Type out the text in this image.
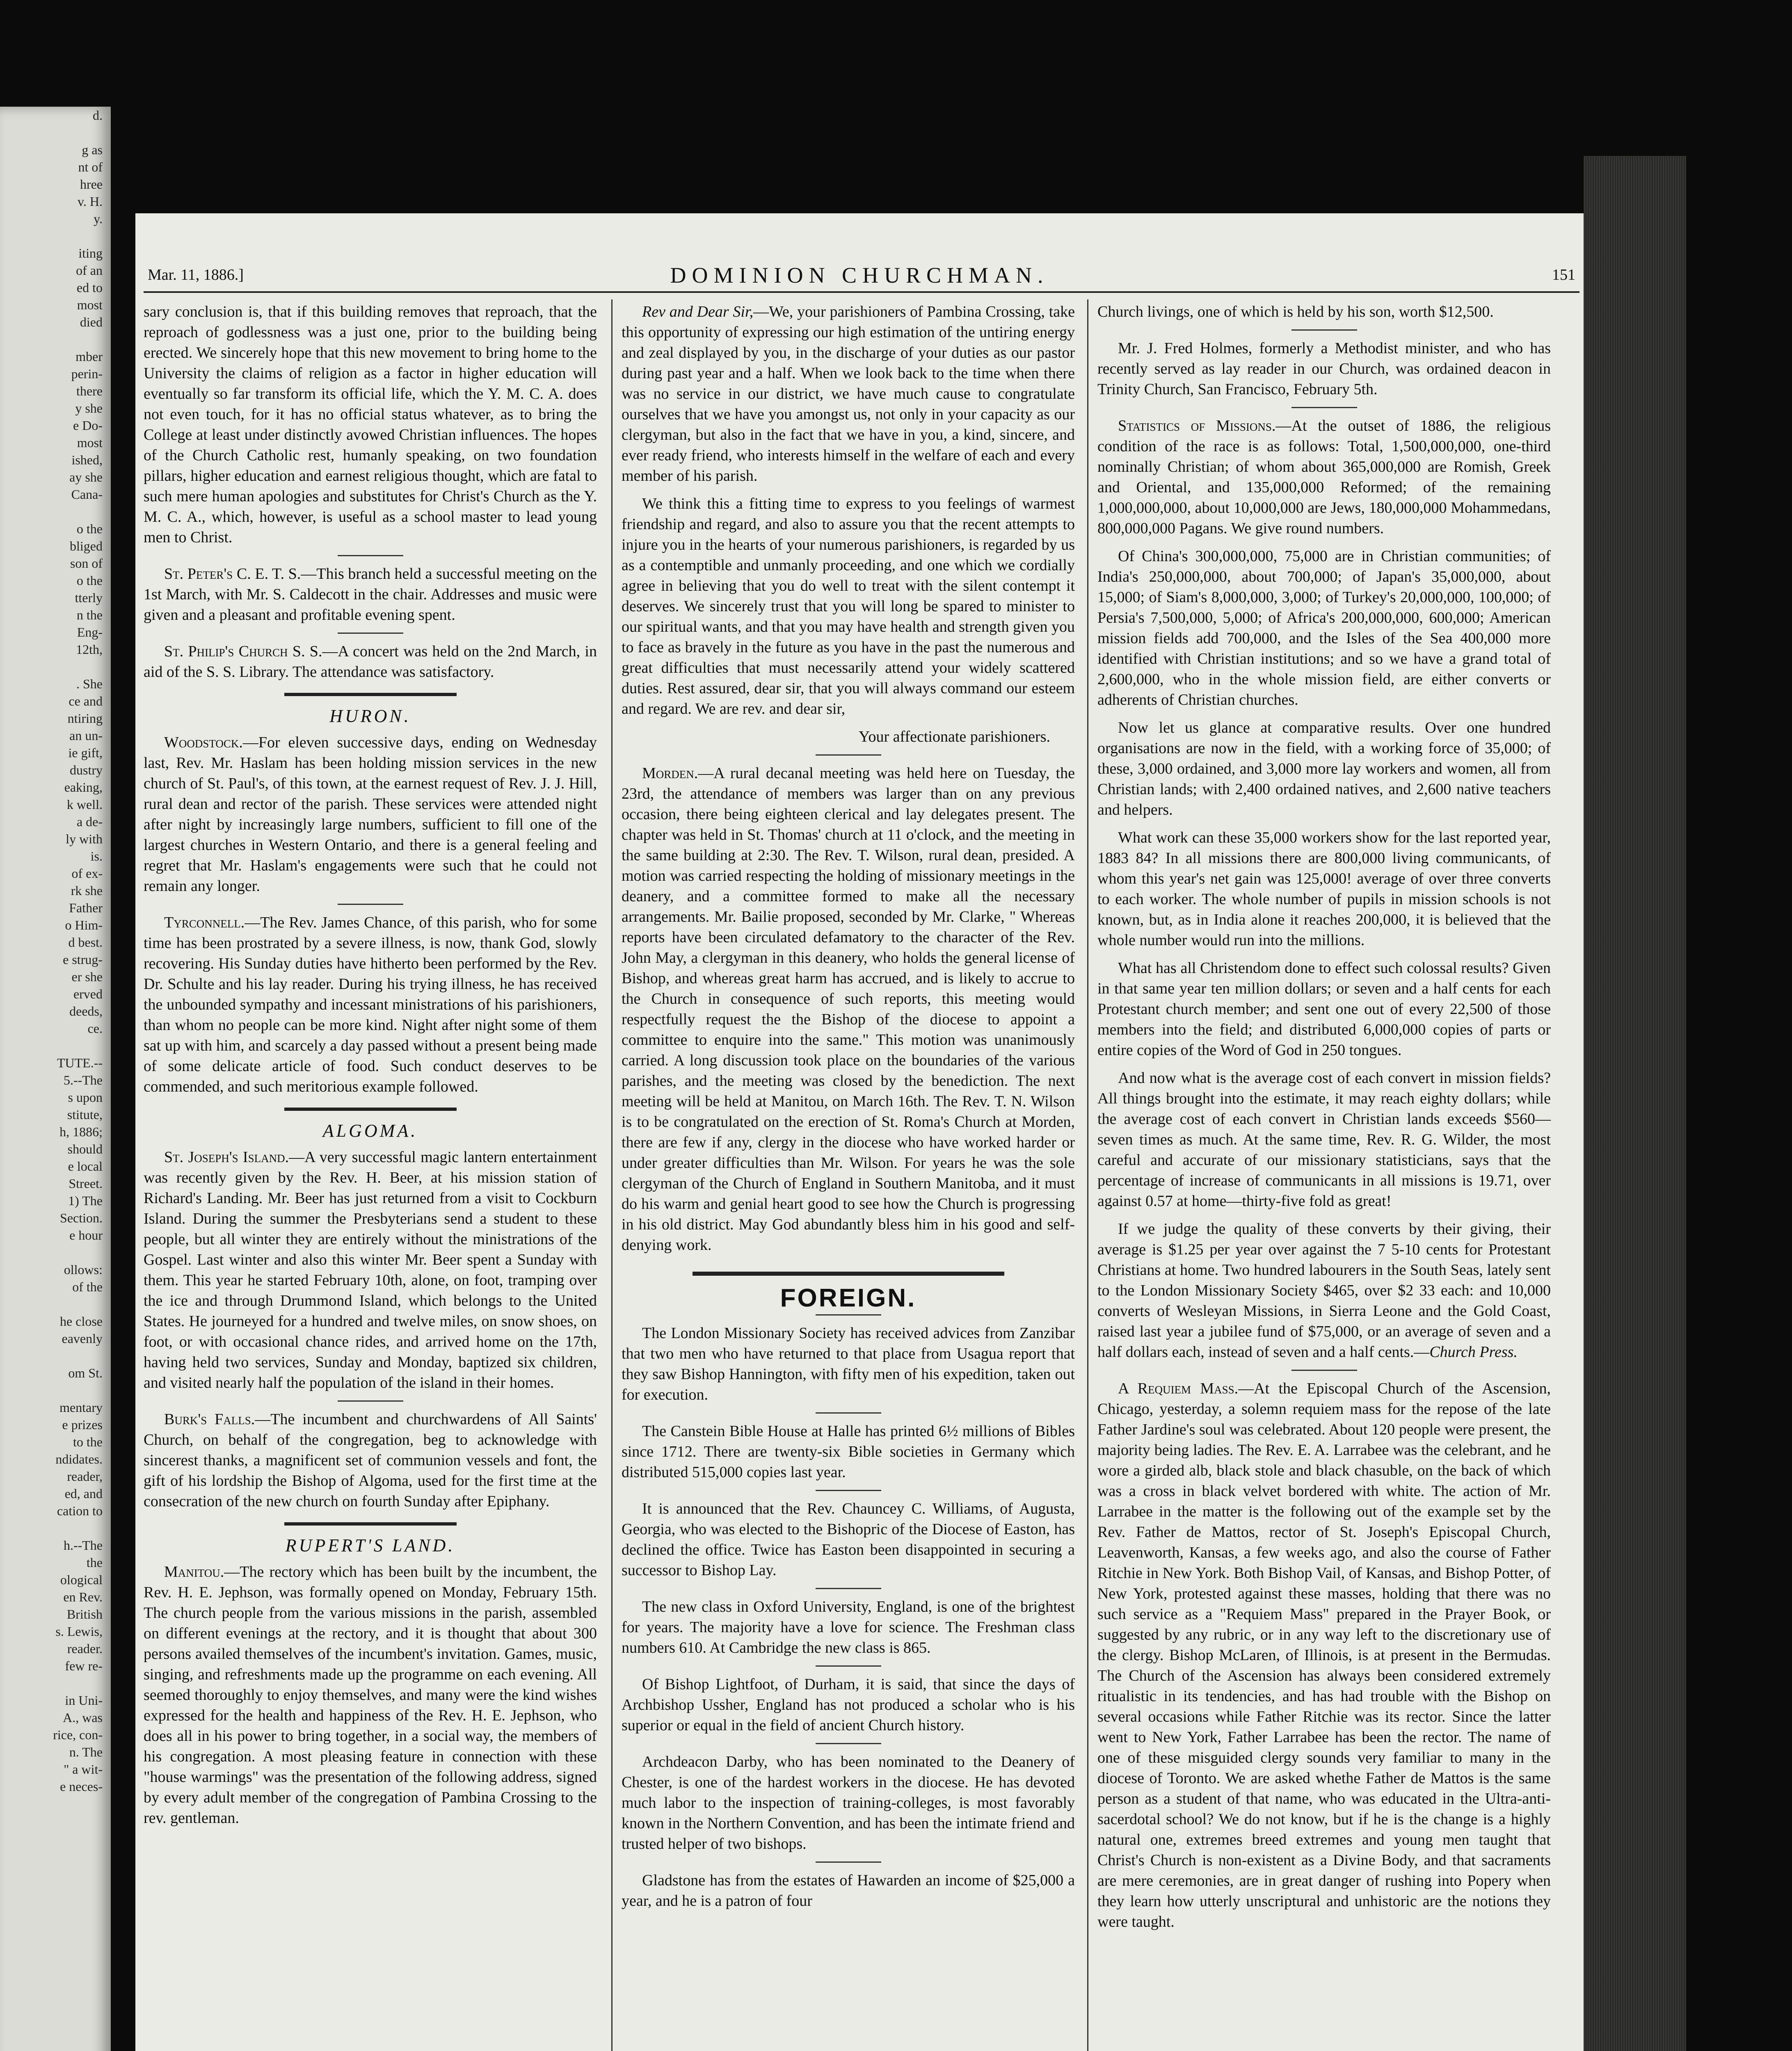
d.

g as
nt of
hree
v. H.
y.

iting
of an
ed to
most
died

mber
perin-
there
y she
e Do-
most
ished,
ay she
Cana-

o the
bliged
son of
o the
tterly
n the
Eng-
12th,

. She
ce and
ntiring
an un-
ie gift,
dustry
eaking,
k well.
a de-
ly with
is.
of ex-
rk she
Father
o Him-
d best.
e strug-
er she
erved
deeds,
ce.

TUTE.--
5.--The
s upon
stitute,
h, 1886;
should
e local
Street.
1) The
Section.
e hour

ollows:
of the

he close
eavenly

om St.

mentary
e prizes
to the
ndidates.
reader,
ed, and
cation to

h.--The
the
ological
en Rev.
British
s. Lewis,
reader.
few re-

in Uni-
A., was
rice, con-
n. The
" a wit-
e neces-
DOMINION CHURCHMAN.
Mar. 11, 1886.]	151

sary conclusion is, that if this building removes that reproach, that the reproach of godlessness was a just one, prior to the building being erected. We sincerely hope that this new movement to bring home to the University the claims of religion as a factor in higher education will eventually so far transform its official life, which the Y. M. C. A. does not even touch, for it has no official status whatever, as to bring the College at least under distinctly avowed Christian influences. The hopes of the Church Catholic rest, humanly speaking, on two foundation pillars, higher education and earnest religious thought, which are fatal to such mere human apologies and substitutes for Christ's Church as the Y. M. C. A., which, however, is useful as a school master to lead young men to Christ.

St. Peter's C. E. T. S.—This branch held a successful meeting on the 1st March, with Mr. S. Caldecott in the chair. Addresses and music were given and a pleasant and profitable evening spent.

St. Philip's Church S. S.—A concert was held on the 2nd March, in aid of the S. S. Library. The attendance was satisfactory.

HURON.

Woodstock.—For eleven successive days, ending on Wednesday last, Rev. Mr. Haslam has been holding mission services in the new church of St. Paul's, of this town, at the earnest request of Rev. J. J. Hill, rural dean and rector of the parish. These services were attended night after night by increasingly large numbers, sufficient to fill one of the largest churches in Western Ontario, and there is a general feeling and regret that Mr. Haslam's engagements were such that he could not remain any longer.

Tyrconnell.—The Rev. James Chance, of this parish, who for some time has been prostrated by a severe illness, is now, thank God, slowly recovering. His Sunday duties have hitherto been performed by the Rev. Dr. Schulte and his lay reader. During his trying illness, he has received the unbounded sympathy and incessant ministrations of his parishioners, than whom no people can be more kind. Night after night some of them sat up with him, and scarcely a day passed without a present being made of some delicate article of food. Such conduct deserves to be commended, and such meritorious example followed.

ALGOMA.

St. Joseph's Island.—A very successful magic lantern entertainment was recently given by the Rev. H. Beer, at his mission station of Richard's Landing. Mr. Beer has just returned from a visit to Cockburn Island. During the summer the Presbyterians send a student to these people, but all winter they are entirely without the ministrations of the Gospel. Last winter and also this winter Mr. Beer spent a Sunday with them. This year he started February 10th, alone, on foot, tramping over the ice and through Drummond Island, which belongs to the United States. He journeyed for a hundred and twelve miles, on snow shoes, on foot, or with occasional chance rides, and arrived home on the 17th, having held two services, Sunday and Monday, baptized six children, and visited nearly half the population of the island in their homes.

Burk's Falls.—The incumbent and churchwardens of All Saints' Church, on behalf of the congregation, beg to acknowledge with sincerest thanks, a magnificent set of communion vessels and font, the gift of his lordship the Bishop of Algoma, used for the first time at the consecration of the new church on fourth Sunday after Epiphany.

RUPERT'S LAND.

Manitou.—The rectory which has been built by the incumbent, the Rev. H. E. Jephson, was formally opened on Monday, February 15th. The church people from the various missions in the parish, assembled on different evenings at the rectory, and it is thought that about 300 persons availed themselves of the incumbent's invitation. Games, music, singing, and refreshments made up the programme on each evening. All seemed thoroughly to enjoy themselves, and many were the kind wishes expressed for the health and happiness of the Rev. H. E. Jephson, who does all in his power to bring together, in a social way, the members of his congregation. A most pleasing feature in connection with these "house warmings" was the presentation of the following address, signed by every adult member of the congregation of Pambina Crossing to the rev. gentleman.

Rev and Dear Sir,—We, your parishioners of Pambina Crossing, take this opportunity of expressing our high estimation of the untiring energy and zeal displayed by you, in the discharge of your duties as our pastor during past year and a half. When we look back to the time when there was no service in our district, we have much cause to congratulate ourselves that we have you amongst us, not only in your capacity as our clergyman, but also in the fact that we have in you, a kind, sincere, and ever ready friend, who interests himself in the welfare of each and every member of his parish.

We think this a fitting time to express to you feelings of warmest friendship and regard, and also to assure you that the recent attempts to injure you in the hearts of your numerous parishioners, is regarded by us as a contemptible and unmanly proceeding, and one which we cordially agree in believing that you do well to treat with the silent contempt it deserves. We sincerely trust that you will long be spared to minister to our spiritual wants, and that you may have health and strength given you to face as bravely in the future as you have in the past the numerous and great difficulties that must necessarily attend your widely scattered duties. Rest assured, dear sir, that you will always command our esteem and regard. We are rev. and dear sir,

Your affectionate parishioners.

Morden.—A rural decanal meeting was held here on Tuesday, the 23rd, the attendance of members was larger than on any previous occasion, there being eighteen clerical and lay delegates present. The chapter was held in St. Thomas' church at 11 o'clock, and the meeting in the same building at 2:30. The Rev. T. Wilson, rural dean, presided. A motion was carried respecting the holding of missionary meetings in the deanery, and a committee formed to make all the necessary arrangements. Mr. Bailie proposed, seconded by Mr. Clarke, " Whereas reports have been circulated defamatory to the character of the Rev. John May, a clergyman in this deanery, who holds the general license of Bishop, and whereas great harm has accrued, and is likely to accrue to the Church in consequence of such reports, this meeting would respectfully request the the Bishop of the diocese to appoint a committee to enquire into the same." This motion was unanimously carried. A long discussion took place on the boundaries of the various parishes, and the meeting was closed by the benediction. The next meeting will be held at Manitou, on March 16th. The Rev. T. N. Wilson is to be congratulated on the erection of St. Roma's Church at Morden, there are few if any, clergy in the diocese who have worked harder or under greater difficulties than Mr. Wilson. For years he was the sole clergyman of the Church of England in Southern Manitoba, and it must do his warm and genial heart good to see how the Church is progressing in his old district. May God abundantly bless him in his good and self-denying work.

FOREIGN.

The London Missionary Society has received advices from Zanzibar that two men who have returned to that place from Usagua report that they saw Bishop Hannington, with fifty men of his expedition, taken out for execution.

The Canstein Bible House at Halle has printed 6½ millions of Bibles since 1712. There are twenty-six Bible societies in Germany which distributed 515,000 copies last year.

It is announced that the Rev. Chauncey C. Williams, of Augusta, Georgia, who was elected to the Bishopric of the Diocese of Easton, has declined the office. Twice has Easton been disappointed in securing a successor to Bishop Lay.

The new class in Oxford University, England, is one of the brightest for years. The majority have a love for science. The Freshman class numbers 610. At Cambridge the new class is 865.

Of Bishop Lightfoot, of Durham, it is said, that since the days of Archbishop Ussher, England has not produced a scholar who is his superior or equal in the field of ancient Church history.

Archdeacon Darby, who has been nominated to the Deanery of Chester, is one of the hardest workers in the diocese. He has devoted much labor to the inspection of training-colleges, is most favorably known in the Northern Convention, and has been the intimate friend and trusted helper of two bishops.

Gladstone has from the estates of Hawarden an income of $25,000 a year, and he is a patron of four

Church livings, one of which is held by his son, worth $12,500.

Mr. J. Fred Holmes, formerly a Methodist minister, and who has recently served as lay reader in our Church, was ordained deacon in Trinity Church, San Francisco, February 5th.

Statistics of Missions.—At the outset of 1886, the religious condition of the race is as follows: Total, 1,500,000,000, one-third nominally Christian; of whom about 365,000,000 are Romish, Greek and Oriental, and 135,000,000 Reformed; of the remaining 1,000,000,000, about 10,000,000 are Jews, 180,000,000 Mohammedans, 800,000,000 Pagans. We give round numbers.

Of China's 300,000,000, 75,000 are in Christian communities; of India's 250,000,000, about 700,000; of Japan's 35,000,000, about 15,000; of Siam's 8,000,000, 3,000; of Turkey's 20,000,000, 100,000; of Persia's 7,500,000, 5,000; of Africa's 200,000,000, 600,000; American mission fields add 700,000, and the Isles of the Sea 400,000 more identified with Christian institutions; and so we have a grand total of 2,600,000, who in the whole mission field, are either converts or adherents of Christian churches.

Now let us glance at comparative results. Over one hundred organisations are now in the field, with a working force of 35,000; of these, 3,000 ordained, and 3,000 more lay workers and women, all from Christian lands; with 2,400 ordained natives, and 2,600 native teachers and helpers.

What work can these 35,000 workers show for the last reported year, 1883 84? In all missions there are 800,000 living communicants, of whom this year's net gain was 125,000! average of over three converts to each worker. The whole number of pupils in mission schools is not known, but, as in India alone it reaches 200,000, it is believed that the whole number would run into the millions.

What has all Christendom done to effect such colossal results? Given in that same year ten million dollars; or seven and a half cents for each Protestant church member; and sent one out of every 22,500 of those members into the field; and distributed 6,000,000 copies of parts or entire copies of the Word of God in 250 tongues.

And now what is the average cost of each convert in mission fields? All things brought into the estimate, it may reach eighty dollars; while the average cost of each convert in Christian lands exceeds $560—seven times as much. At the same time, Rev. R. G. Wilder, the most careful and accurate of our missionary statisticians, says that the percentage of increase of communicants in all missions is 19.71, over against 0.57 at home—thirty-five fold as great!

If we judge the quality of these converts by their giving, their average is $1.25 per year over against the 7 5-10 cents for Protestant Christians at home. Two hundred labourers in the South Seas, lately sent to the London Missionary Society $465, over $2 33 each: and 10,000 converts of Wesleyan Missions, in Sierra Leone and the Gold Coast, raised last year a jubilee fund of $75,000, or an average of seven and a half dollars each, instead of seven and a half cents.—Church Press.

A Requiem Mass.—At the Episcopal Church of the Ascension, Chicago, yesterday, a solemn requiem mass for the repose of the late Father Jardine's soul was celebrated. About 120 people were present, the majority being ladies. The Rev. E. A. Larrabee was the celebrant, and he wore a girded alb, black stole and black chasuble, on the back of which was a cross in black velvet bordered with white. The action of Mr. Larrabee in the matter is the following out of the example set by the Rev. Father de Mattos, rector of St. Joseph's Episcopal Church, Leavenworth, Kansas, a few weeks ago, and also the course of Father Ritchie in New York. Both Bishop Vail, of Kansas, and Bishop Potter, of New York, protested against these masses, holding that there was no such service as a "Requiem Mass" prepared in the Prayer Book, or suggested by any rubric, or in any way left to the discretionary use of the clergy. Bishop McLaren, of Illinois, is at present in the Bermudas. The Church of the Ascension has always been considered extremely ritualistic in its tendencies, and has had trouble with the Bishop on several occasions while Father Ritchie was its rector. Since the latter went to New York, Father Larrabee has been the rector. The name of one of these misguided clergy sounds very familiar to many in the diocese of Toronto. We are asked whethe Father de Mattos is the same person as a student of that name, who was educated in the Ultra-anti-sacerdotal school? We do not know, but if he is the change is a highly natural one, extremes breed extremes and young men taught that Christ's Church is non-existent as a Divine Body, and that sacraments are mere ceremonies, are in great danger of rushing into Popery when they learn how utterly unscriptural and unhistoric are the notions they were taught.
